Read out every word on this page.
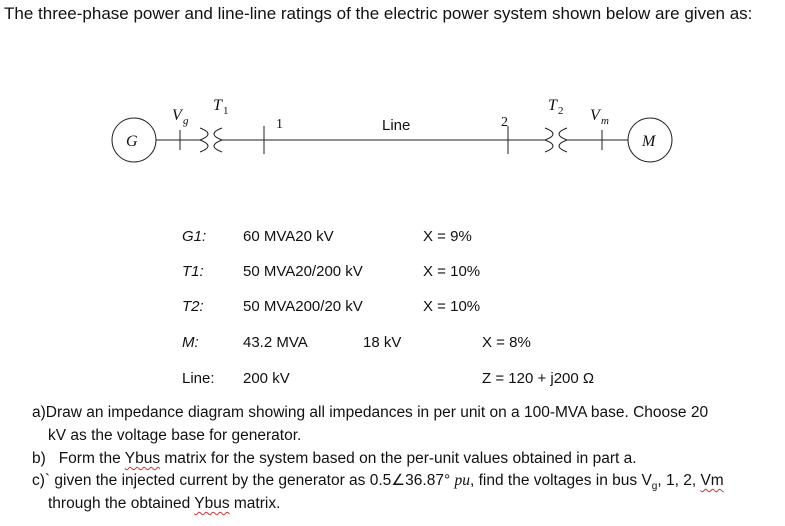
The three-phase power and line-line ratings of the electric power system shown below are given as:
G
V g
T 1
1	Line	2
T 2 V m
M
G1: 60 MVA20 kV	X = 9%
T1:	50 MVA20/200 kV	X = 10%
T2:	50 MVA200/20 kV	X = 10%
M:	43.2 MVA	18 kV	X = 8%
Line: 200 kV	Z = 120 + j200 Ω
a)Draw an impedance diagram showing all impedances in per unit on a 100-MVA base. Choose 20
kV as the voltage base for generator.
b)   Form the Ybus matrix for the system based on the per-unit values obtained in part a.
c)` given the injected current by the generator as 0.5∠36.87° pu, find the voltages in bus $V_g$, 1, 2, Vm
through the obtained Ybus matrix.
